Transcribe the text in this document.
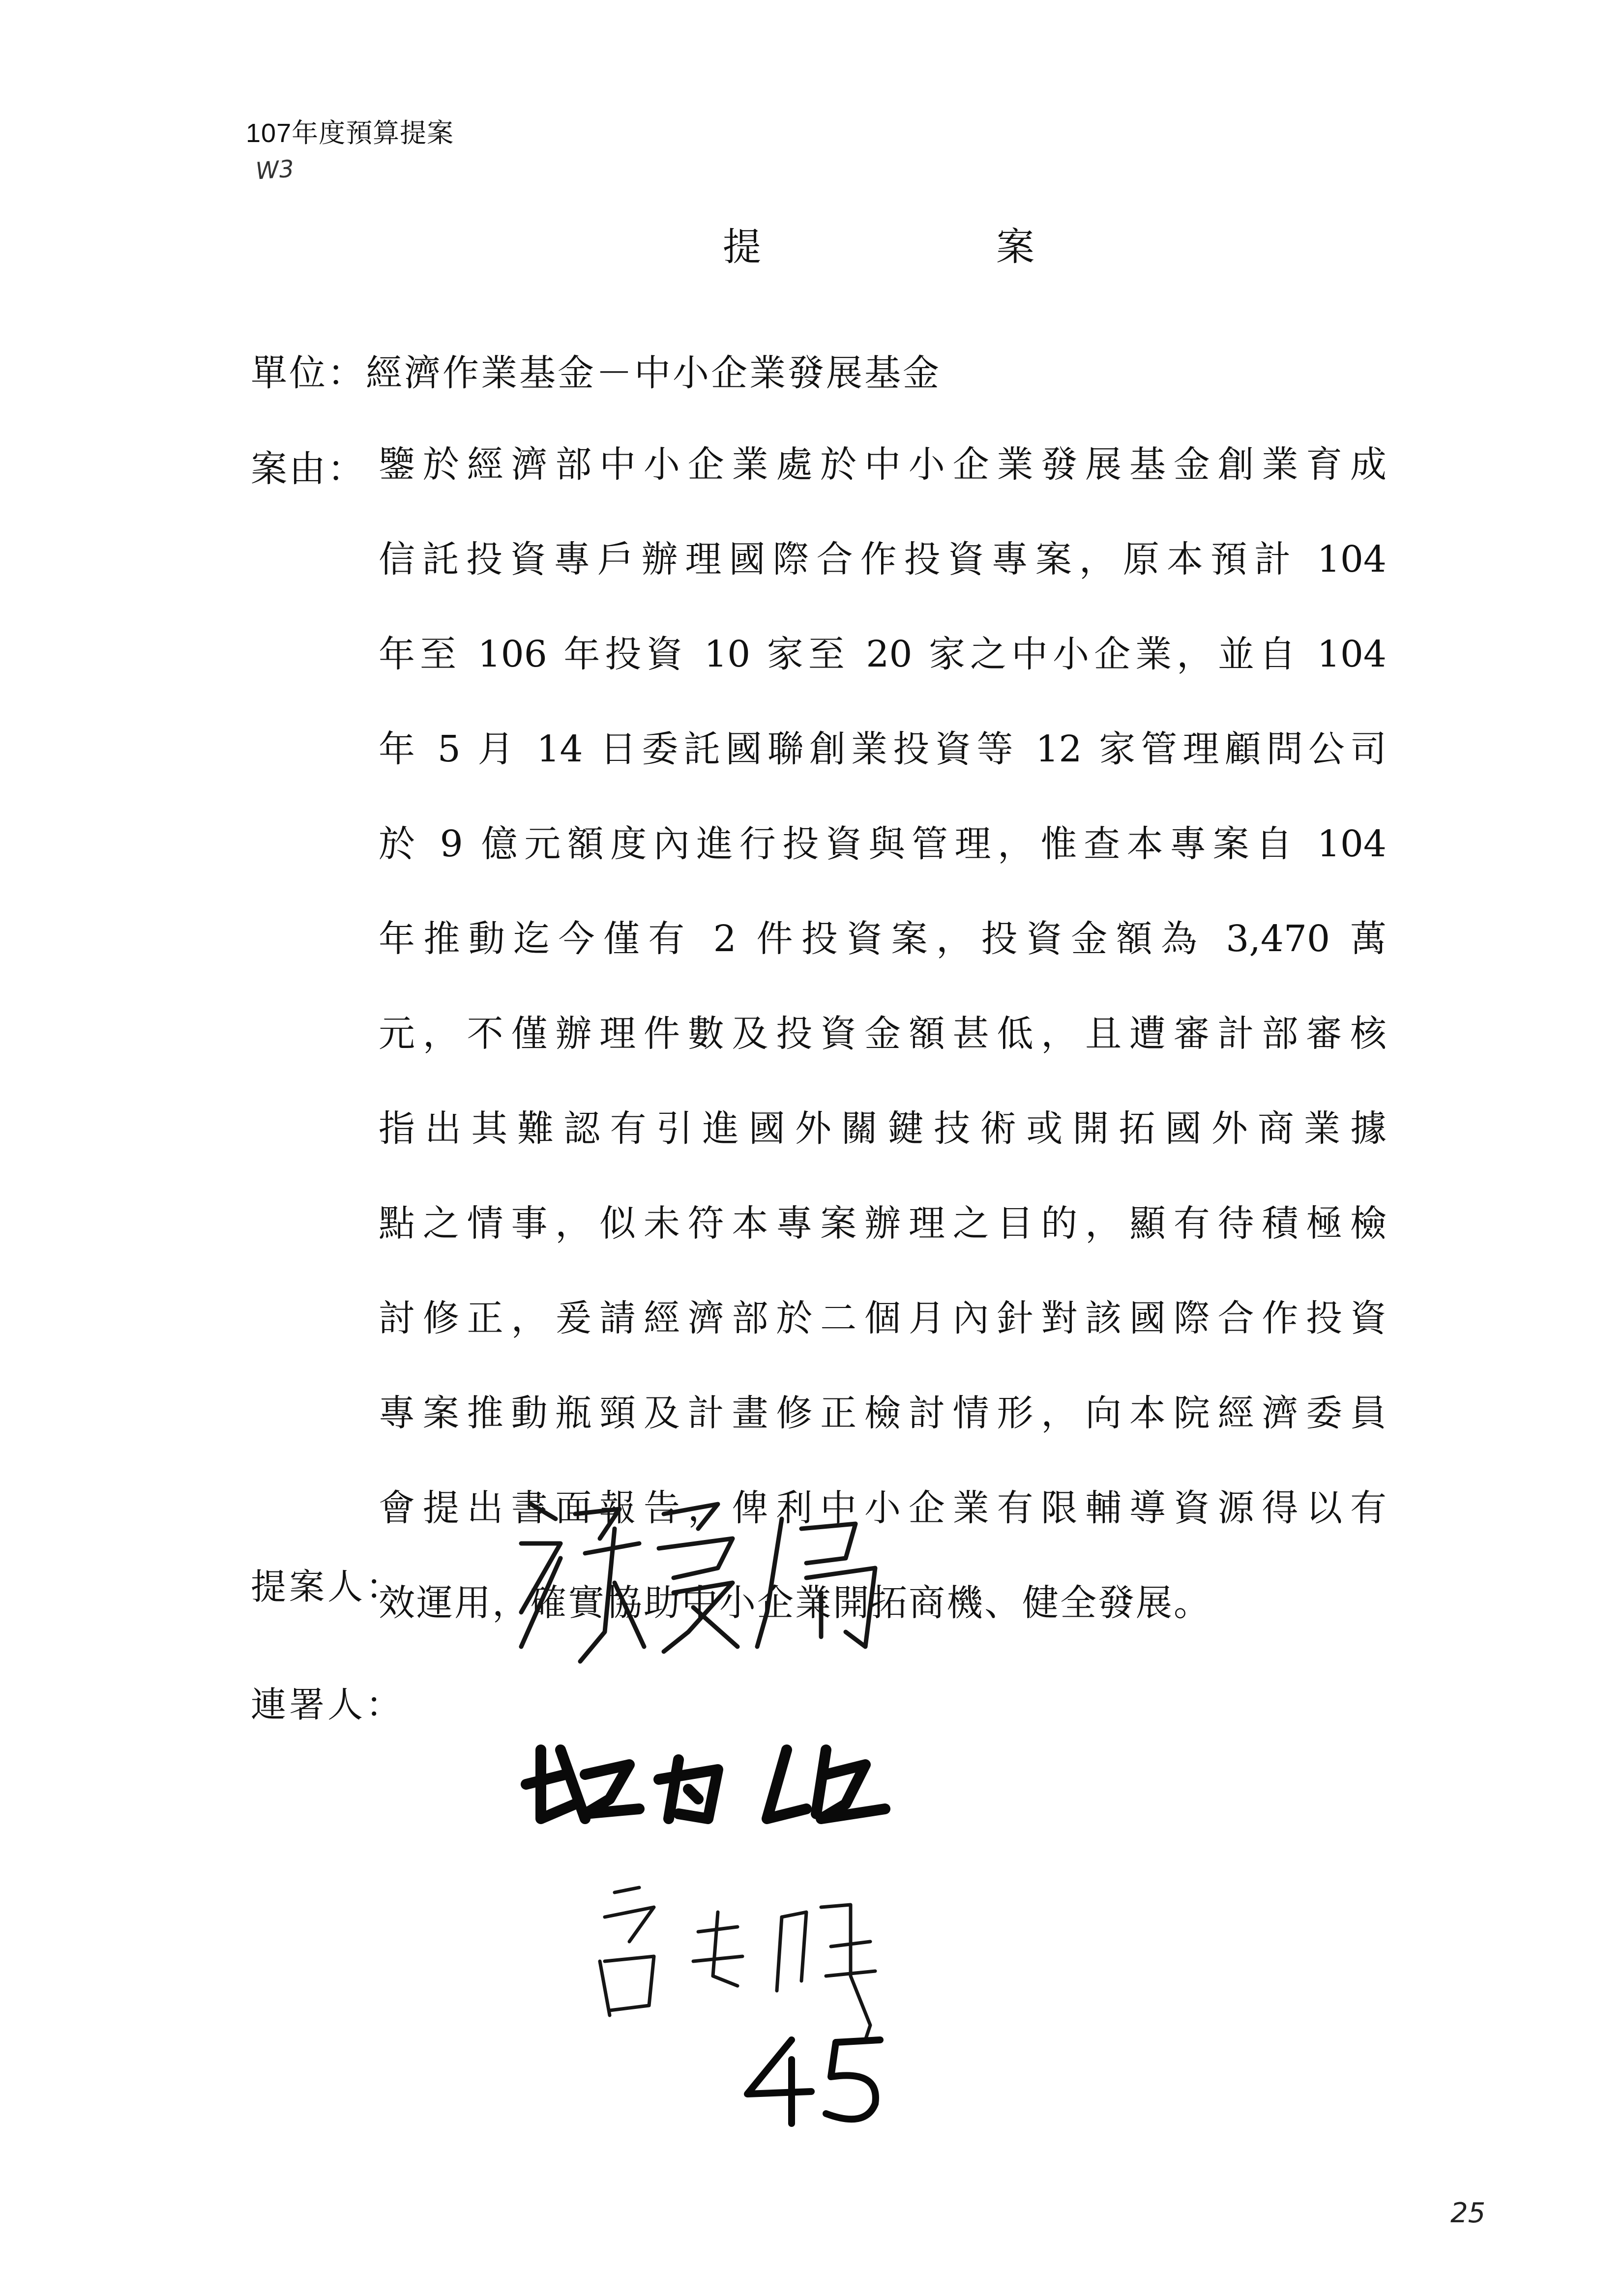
107年度預算提案
W3
提　案
單位：經濟作業基金－中小企業發展基金
案由： 鑒於經濟部中小企業處於中小企業發展基金創業育成
信託投資專戶辦理國際合作投資專案，原本預計 104
年至 106 年投資 10 家至 20 家之中小企業，並自 104
年 5 月 14 日委託國聯創業投資等 12 家管理顧問公司
於 9 億元額度內進行投資與管理，惟查本專案自 104
年推動迄今僅有 2 件投資案，投資金額為 3,470 萬
元，不僅辦理件數及投資金額甚低，且遭審計部審核
指出其難認有引進國外關鍵技術或開拓國外商業據
點之情事，似未符本專案辦理之目的，顯有待積極檢
討修正，爰請經濟部於二個月內針對該國際合作投資
專案推動瓶頸及計畫修正檢討情形，向本院經濟委員
會提出書面報告，俾利中小企業有限輔導資源得以有
效運用，確實協助中小企業開拓商機、健全發展。
提案人：
連署人：
25
